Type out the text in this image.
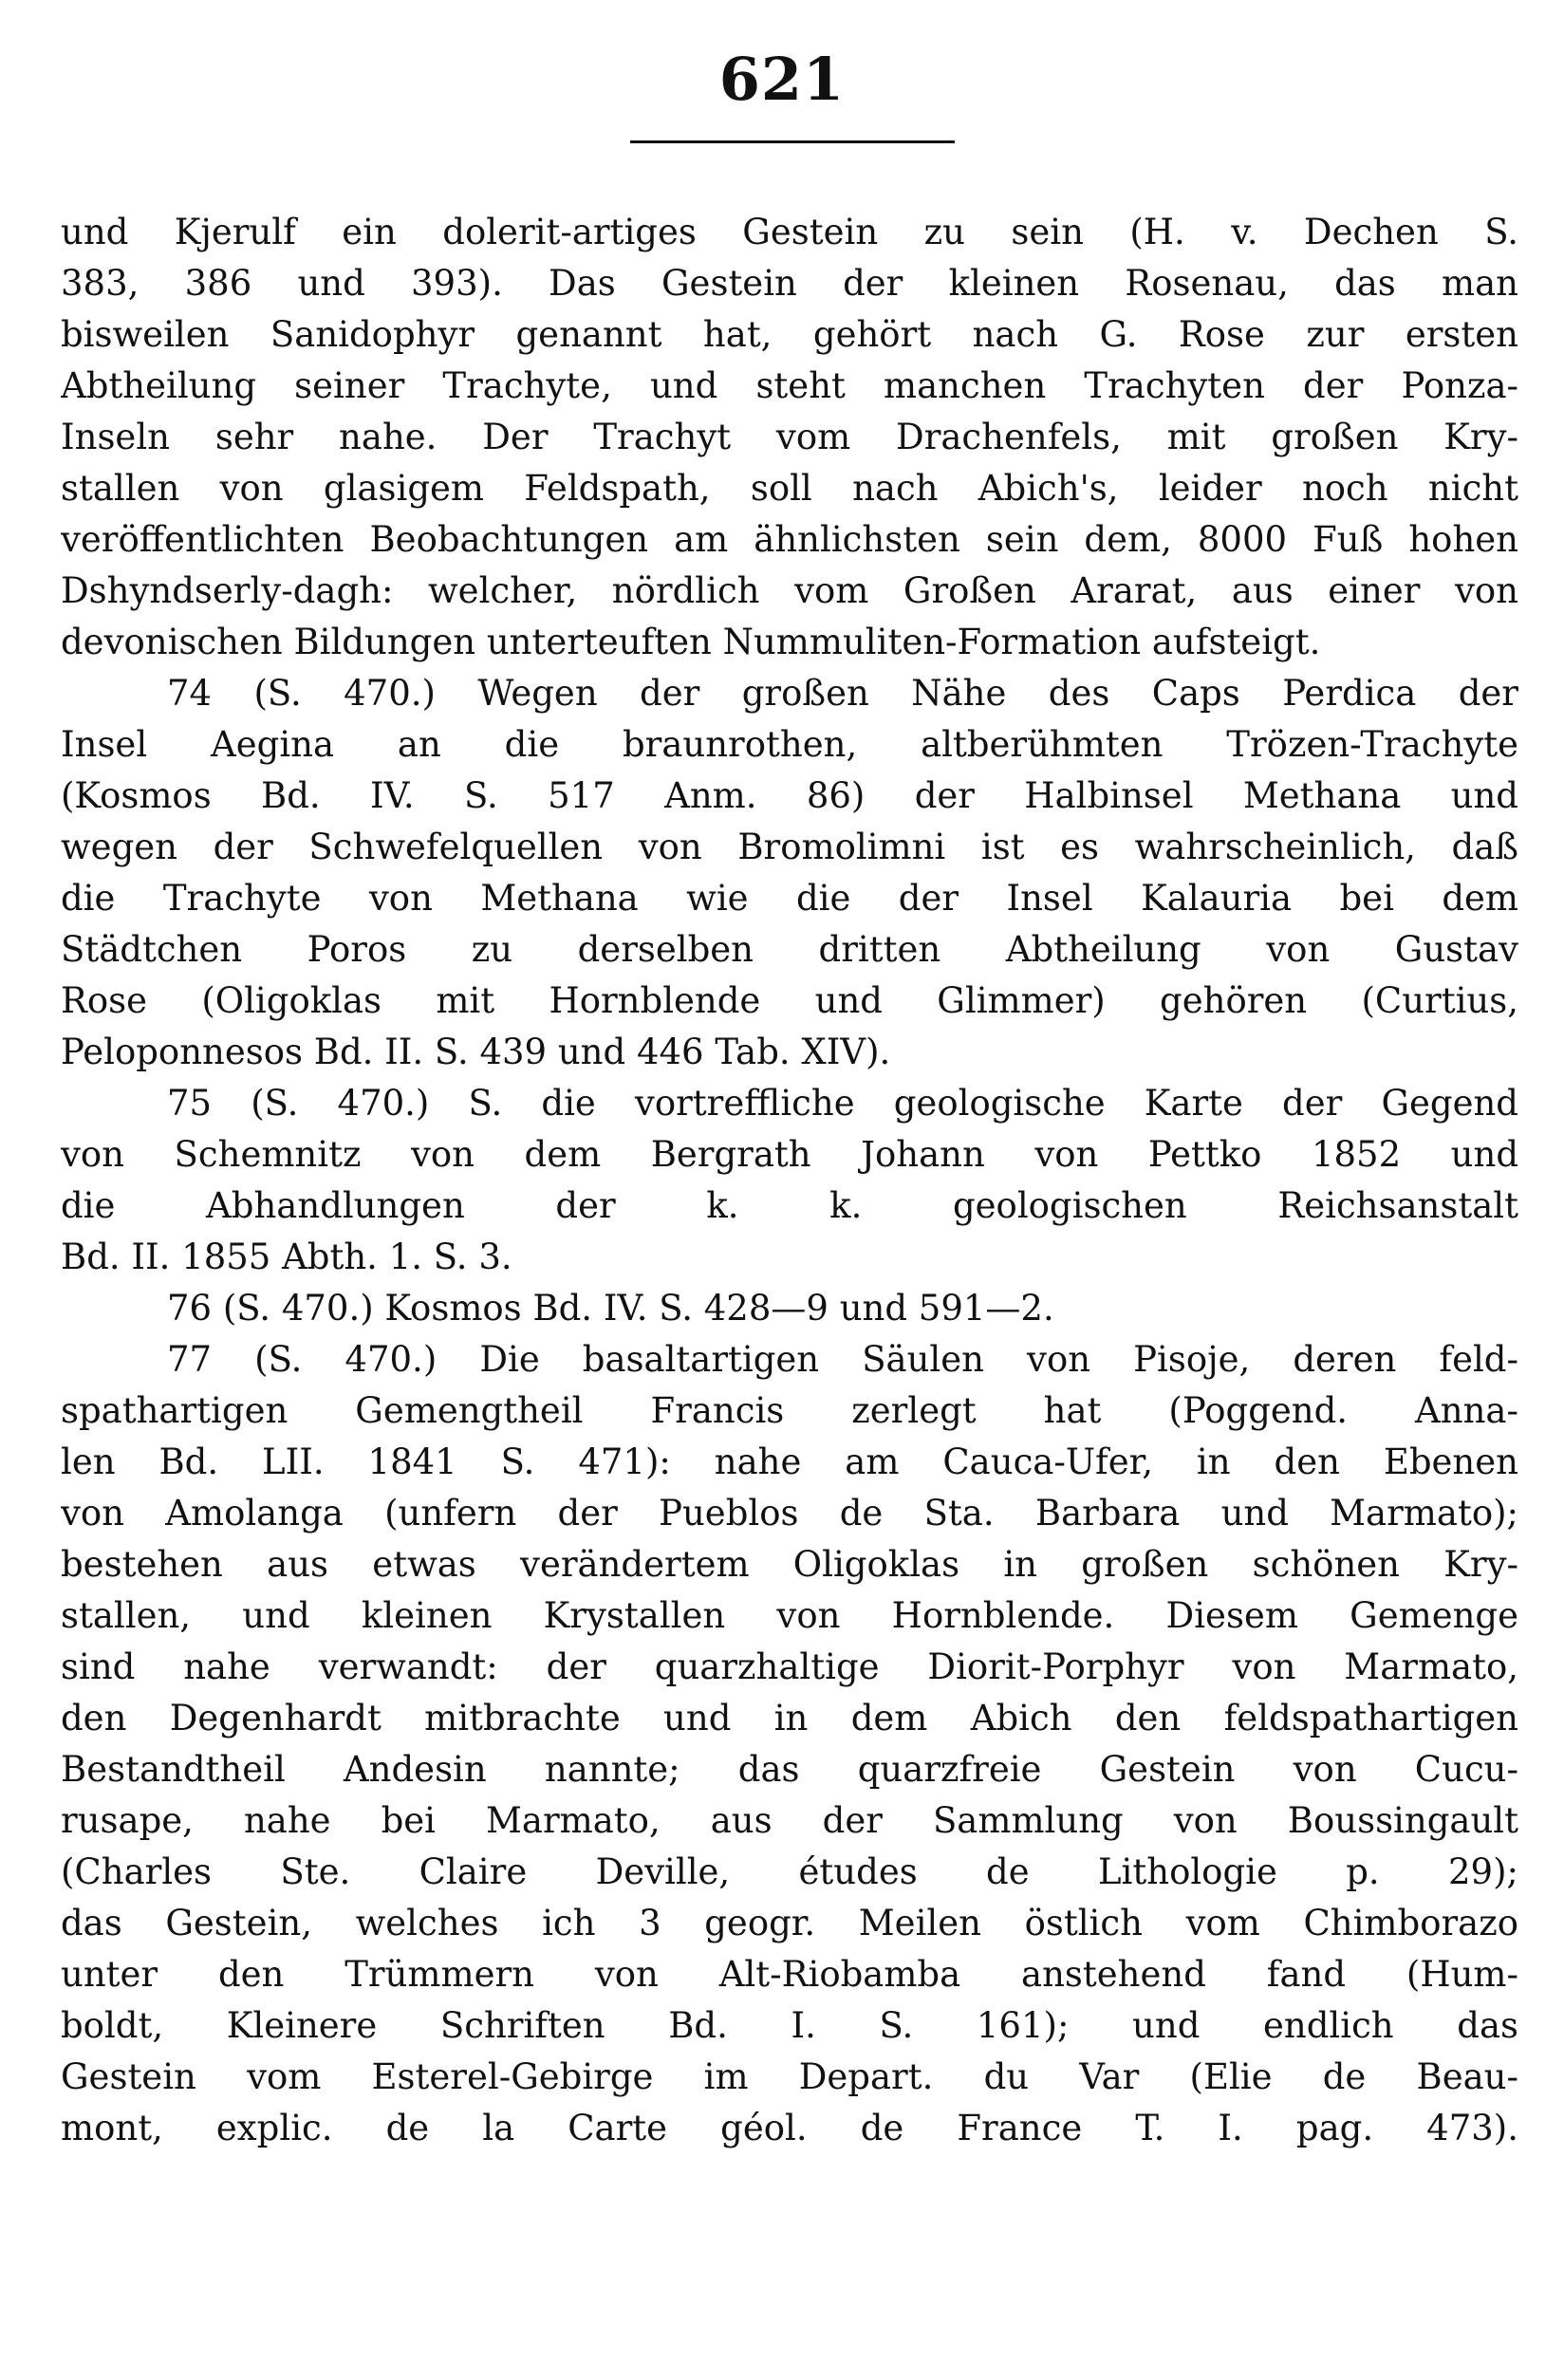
621
und Kjerulf ein dolerit-artiges Gestein zu sein (H. v. Dechen S.
383, 386 und 393). Das Gestein der kleinen Rosenau, das man
bisweilen Sanidophyr genannt hat, gehört nach G. Rose zur ersten
Abtheilung seiner Trachyte, und steht manchen Trachyten der Ponza-
Inseln sehr nahe. Der Trachyt vom Drachenfels, mit großen Kry-
stallen von glasigem Feldspath, soll nach Abich's, leider noch nicht
veröffentlichten Beobachtungen am ähnlichsten sein dem, 8000 Fuß hohen
Dshyndserly-dagh: welcher, nördlich vom Großen Ararat, aus einer von
devonischen Bildungen unterteuften Nummuliten-Formation aufsteigt.
74 (S. 470.) Wegen der großen Nähe des Caps Perdica der
Insel Aegina an die braunrothen, altberühmten Trözen-Trachyte
(Kosmos Bd. IV. S. 517 Anm. 86) der Halbinsel Methana und
wegen der Schwefelquellen von Bromolimni ist es wahrscheinlich, daß
die Trachyte von Methana wie die der Insel Kalauria bei dem
Städtchen Poros zu derselben dritten Abtheilung von Gustav
Rose (Oligoklas mit Hornblende und Glimmer) gehören (Curtius,
Peloponnesos Bd. II. S. 439 und 446 Tab. XIV).
75 (S. 470.) S. die vortreffliche geologische Karte der Gegend
von Schemnitz von dem Bergrath Johann von Pettko 1852 und
die Abhandlungen der k. k. geologischen Reichsanstalt
Bd. II. 1855 Abth. 1. S. 3.
76 (S. 470.) Kosmos Bd. IV. S. 428—9 und 591—2.
77 (S. 470.) Die basaltartigen Säulen von Pisoje, deren feld-
spathartigen Gemengtheil Francis zerlegt hat (Poggend. Anna-
len Bd. LII. 1841 S. 471): nahe am Cauca-Ufer, in den Ebenen
von Amolanga (unfern der Pueblos de Sta. Barbara und Marmato);
bestehen aus etwas verändertem Oligoklas in großen schönen Kry-
stallen, und kleinen Krystallen von Hornblende. Diesem Gemenge
sind nahe verwandt: der quarzhaltige Diorit-Porphyr von Marmato,
den Degenhardt mitbrachte und in dem Abich den feldspathartigen
Bestandtheil Andesin nannte; das quarzfreie Gestein von Cucu-
rusape, nahe bei Marmato, aus der Sammlung von Boussingault
(Charles Ste. Claire Deville, études de Lithologie p. 29);
das Gestein, welches ich 3 geogr. Meilen östlich vom Chimborazo
unter den Trümmern von Alt-Riobamba anstehend fand (Hum-
boldt, Kleinere Schriften Bd. I. S. 161); und endlich das
Gestein vom Esterel-Gebirge im Depart. du Var (Elie de Beau-
mont, explic. de la Carte géol. de France T. I. pag. 473).
